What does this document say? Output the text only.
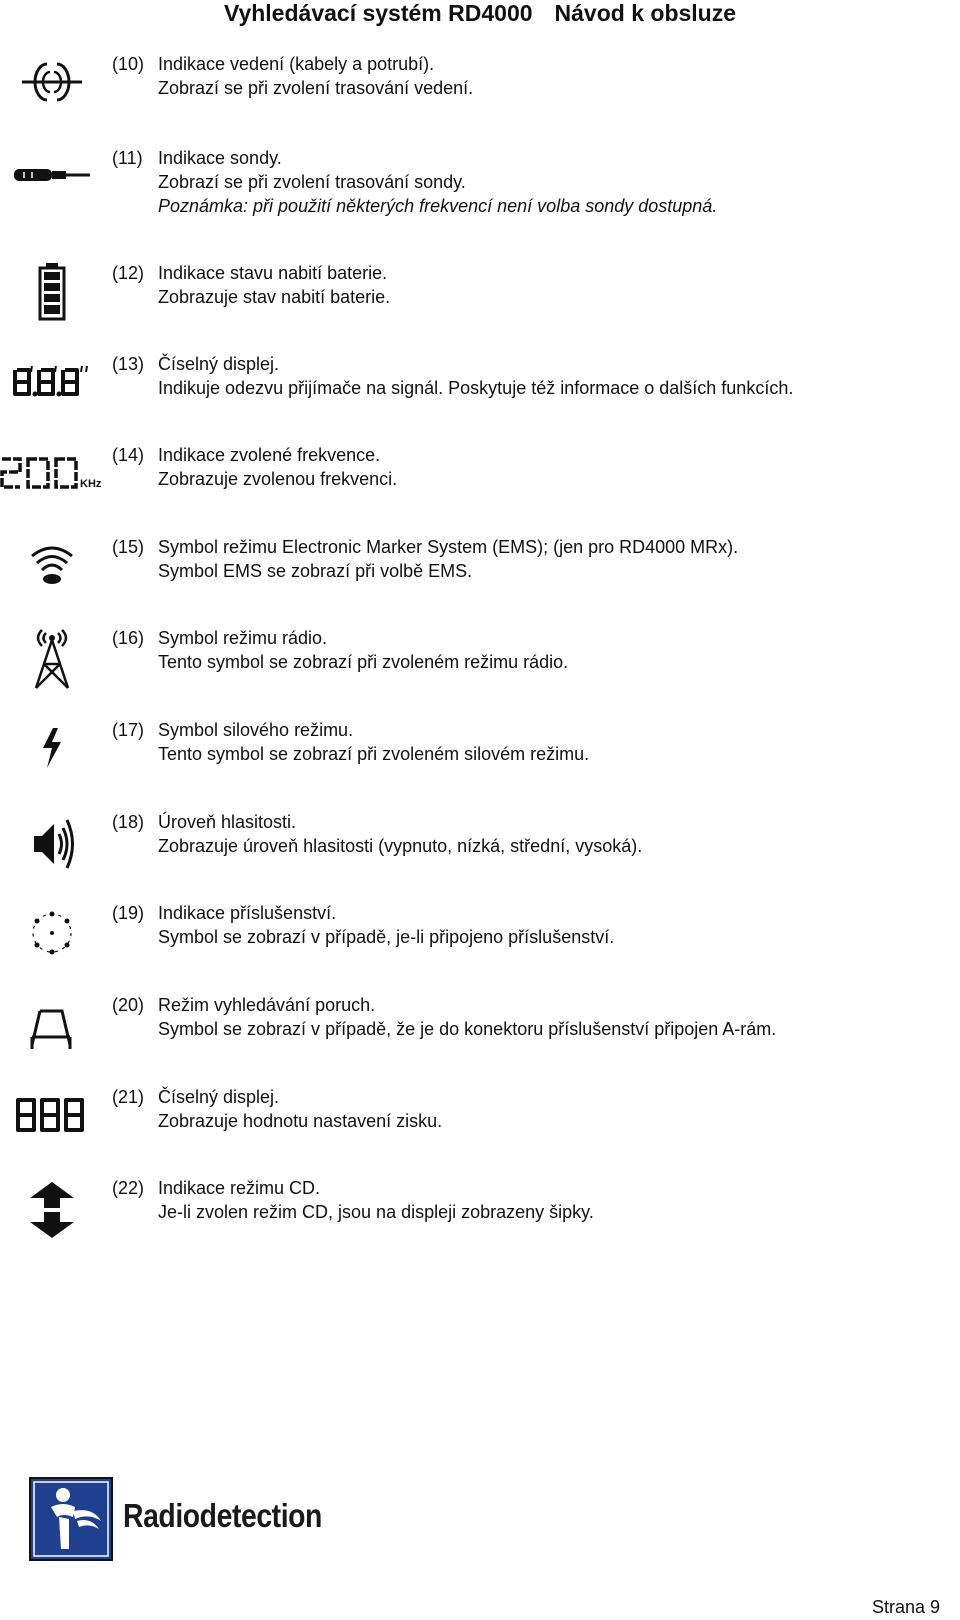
Vyhledávací systém RD4000 Návod k obsluze
(10) Indikace vedení (kabely a potrubí).
Zobrazí se při zvolení trasování vedení.
(11) Indikace sondy.
Zobrazí se při zvolení trasování sondy.
Poznámka: při použití některých frekvencí není volba sondy dostupná.
(12) Indikace stavu nabití baterie.
Zobrazuje stav nabití baterie.
(13) Číselný displej.
Indikuje odezvu přijímače na signál. Poskytuje též informace o dalších funkcích.
KHz
(14) Indikace zvolené frekvence.
Zobrazuje zvolenou frekvenci.
(15) Symbol režimu Electronic Marker System (EMS); (jen pro RD4000 MRx).
Symbol EMS se zobrazí při volbě EMS.
(16) Symbol režimu rádio.
Tento symbol se zobrazí při zvoleném režimu rádio.
(17) Symbol silového režimu.
Tento symbol se zobrazí při zvoleném silovém režimu.
(18) Úroveň hlasitosti.
Zobrazuje úroveň hlasitosti (vypnuto, nízká, střední, vysoká).
(19) Indikace příslušenství.
Symbol se zobrazí v případě, je-li připojeno příslušenství.
(20) Režim vyhledávání poruch.
Symbol se zobrazí v případě, že je do konektoru příslušenství připojen A-rám.
(21) Číselný displej.
Zobrazuje hodnotu nastavení zisku.
(22) Indikace režimu CD.
Je-li zvolen režim CD, jsou na displeji zobrazeny šipky.
Radiodetection
Strana 9
